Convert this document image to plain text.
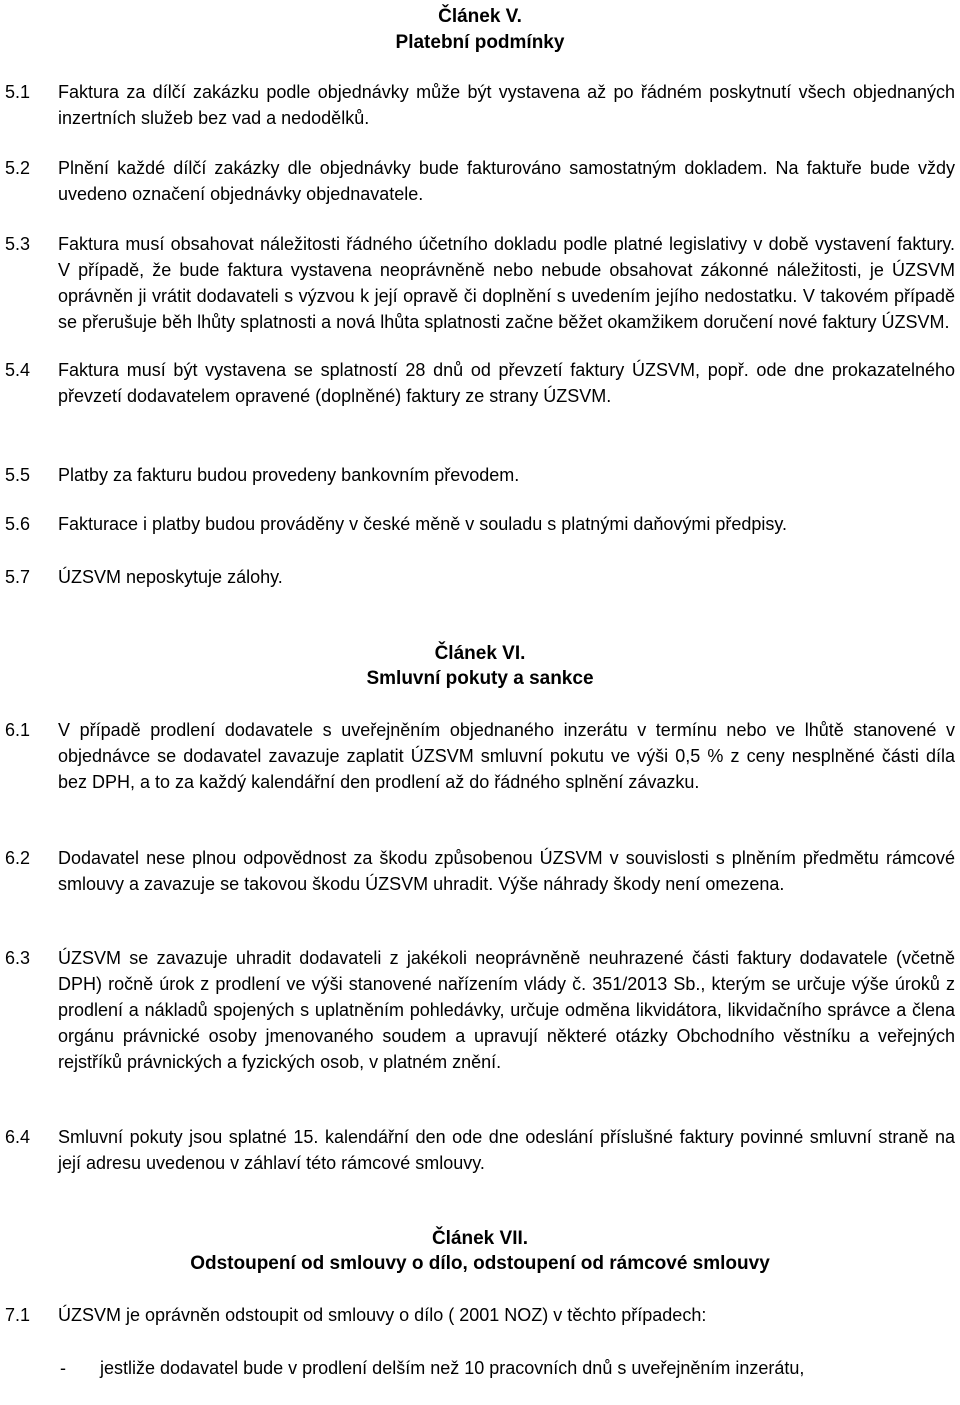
Článek V.
Platební podmínky
5.1	Faktura za dílčí zakázku podle objednávky může být vystavena až po řádném poskytnutí všech objednaných inzertních služeb bez vad a nedodělků.
5.2	Plnění každé dílčí zakázky dle objednávky bude fakturováno samostatným dokladem. Na faktuře bude vždy uvedeno označení objednávky objednavatele.
5.3	Faktura musí obsahovat náležitosti řádného účetního dokladu podle platné legislativy v době vystavení faktury. V případě, že bude faktura vystavena neoprávněně nebo nebude obsahovat zákonné náležitosti, je ÚZSVM oprávněn ji vrátit dodavateli s výzvou k její opravě či doplnění s uvedením jejího nedostatku. V takovém případě se přerušuje běh lhůty splatnosti a nová lhůta splatnosti začne běžet okamžikem doručení nové faktury ÚZSVM.
5.4	Faktura musí být vystavena se splatností 28 dnů od převzetí faktury ÚZSVM, popř. ode dne prokazatelného převzetí dodavatelem opravené (doplněné) faktury ze strany ÚZSVM.
5.5	Platby za fakturu budou provedeny bankovním převodem.
5.6	Fakturace i platby budou prováděny v české měně v souladu s platnými daňovými předpisy.
5.7	ÚZSVM neposkytuje zálohy.
Článek VI.
Smluvní pokuty a sankce
6.1	V případě prodlení dodavatele s uveřejněním objednaného inzerátu v termínu nebo ve lhůtě stanovené v objednávce se dodavatel zavazuje zaplatit ÚZSVM smluvní pokutu ve výši 0,5 % z ceny nesplněné části díla bez DPH, a to za každý kalendářní den prodlení až do řádného splnění závazku.
6.2	Dodavatel nese plnou odpovědnost za škodu způsobenou ÚZSVM v souvislosti s plněním předmětu rámcové smlouvy a zavazuje se takovou škodu ÚZSVM uhradit. Výše náhrady škody není omezena.
6.3	ÚZSVM se zavazuje uhradit dodavateli z jakékoli neoprávněně neuhrazené části faktury dodavatele (včetně DPH) ročně úrok z prodlení ve výši stanovené nařízením vlády č. 351/2013 Sb., kterým se určuje výše úroků z prodlení a nákladů spojených s uplatněním pohledávky, určuje odměna likvidátora, likvidačního správce a člena orgánu právnické osoby jmenovaného soudem a upravují některé otázky Obchodního věstníku a veřejných rejstříků právnických a fyzických osob, v platném znění.
6.4	Smluvní pokuty jsou splatné 15. kalendářní den ode dne odeslání příslušné faktury povinné smluvní straně na její adresu uvedenou v záhlaví této rámcové smlouvy.
Článek VII.
Odstoupení od smlouvy o dílo, odstoupení od rámcové smlouvy
7.1	ÚZSVM je oprávněn odstoupit od smlouvy o dílo ( 2001 NOZ) v těchto případech:
-	jestliže dodavatel bude v prodlení delším než 10 pracovních dnů s uveřejněním inzerátu,
